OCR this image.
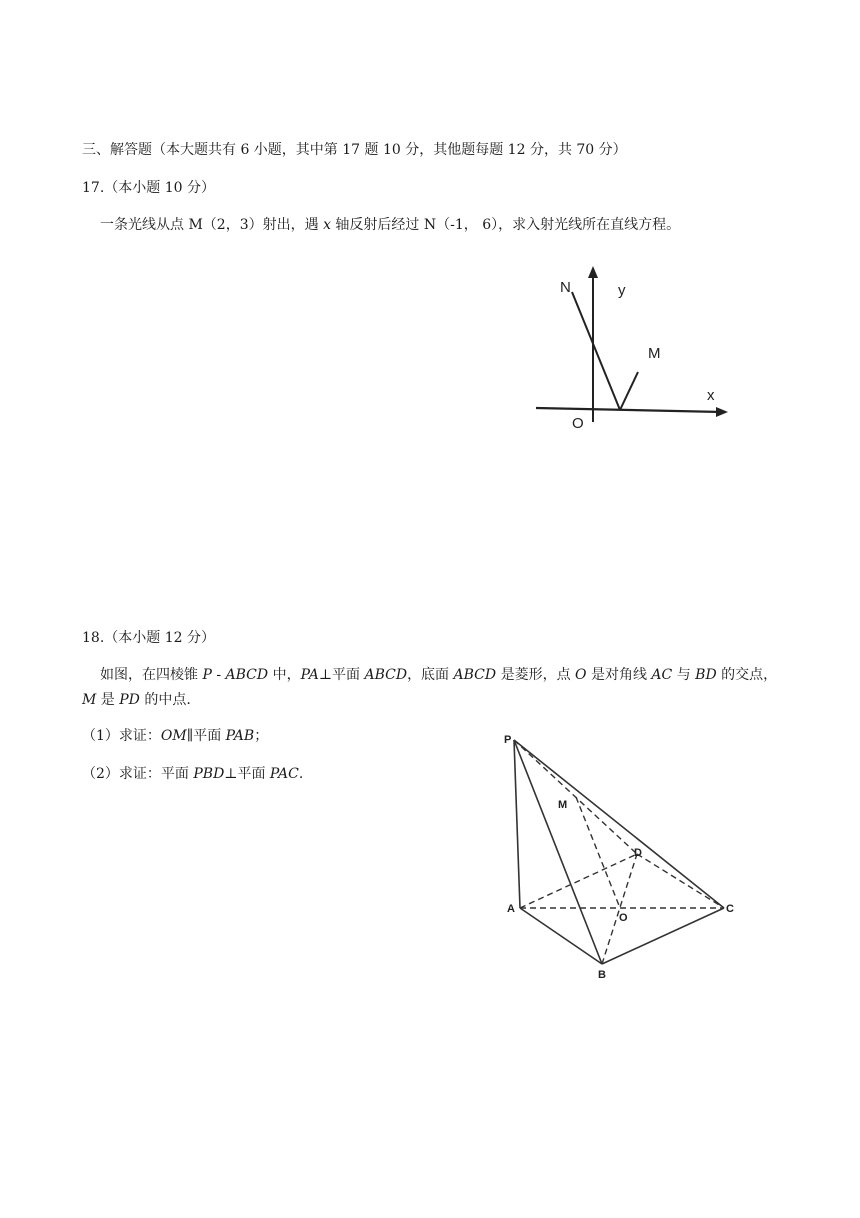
三、解答题（本大题共有 6 小题，其中第 17 题 10 分，其他题每题 12 分，共 70 分）
17.（本小题 10 分）
一条光线从点 M（2，3）射出，遇 x 轴反射后经过 N（-1， 6），求入射光线所在直线方程。
N	y
M
x
O
18.（本小题 12 分）
如图，在四棱锥 P ‑ ABCD 中，PA⊥平面 ABCD，底面 ABCD 是菱形，点 O 是对角线 AC 与 BD 的交点，
M 是 PD 的中点.
（1）求证：OM∥平面 PAB；
（2）求证：平面 PBD⊥平面 PAC.
P
M
D
A
O
C
B
